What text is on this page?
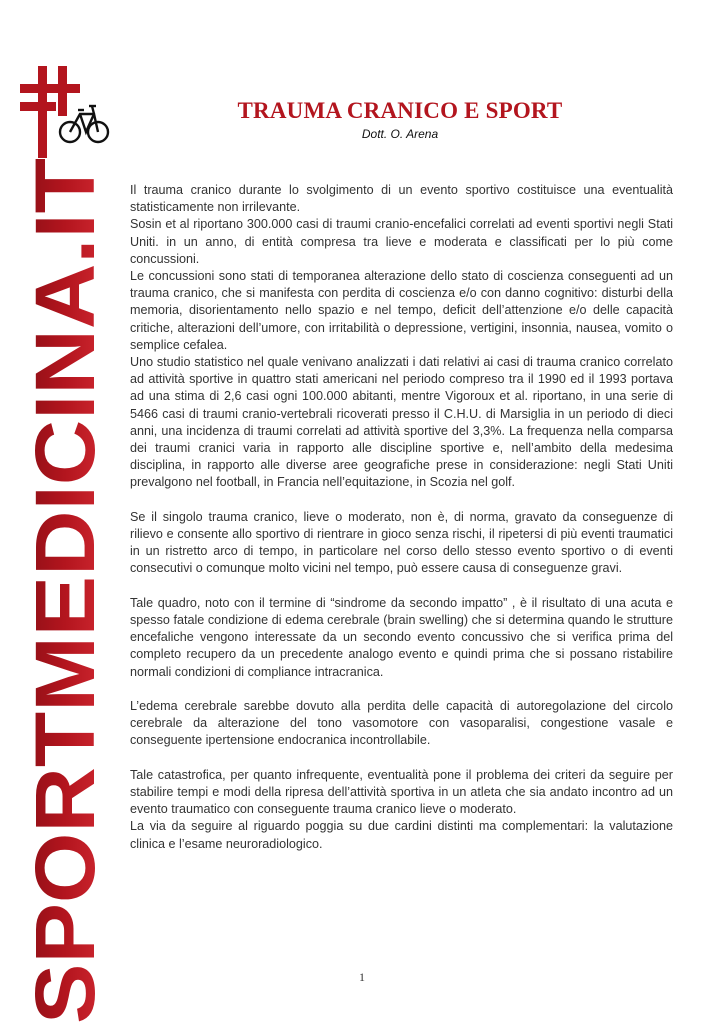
SPORTMEDICINA.IT
TRAUMA CRANICO E SPORT
Dott. O. Arena

Il trauma cranico durante lo svolgimento di un evento sportivo costituisce una eventualità statisticamente non irrilevante.
Sosin et al riportano 300.000 casi di traumi cranio-encefalici correlati ad eventi sportivi negli Stati Uniti. in un anno, di entità compresa tra lieve e moderata e classificati per lo più come concussioni.
Le concussioni sono stati di temporanea alterazione dello stato di coscienza conseguenti ad un trauma cranico, che si manifesta con perdita di coscienza e/o con danno cognitivo: disturbi della memoria, disorientamento nello spazio e nel tempo, deficit dell’attenzione e/o delle capacità critiche, alterazioni dell’umore, con irritabilità o depressione, vertigini, insonnia, nausea, vomito o semplice cefalea.
Uno studio statistico nel quale venivano analizzati i dati relativi ai casi di trauma cranico correlato ad attività sportive in quattro stati americani nel periodo compreso tra il 1990 ed il 1993 portava ad una stima di 2,6 casi ogni 100.000 abitanti, mentre Vigoroux et al. riportano, in una serie di 5466 casi di traumi cranio-vertebrali ricoverati presso il C.H.U. di Marsiglia in un periodo di dieci anni, una incidenza di traumi correlati ad attività sportive del 3,3%. La frequenza nella comparsa dei traumi cranici varia in rapporto alle discipline sportive e, nell’ambito della medesima disciplina, in rapporto alle diverse aree geografiche prese in considerazione: negli Stati Uniti prevalgono nel football, in Francia nell’equitazione, in Scozia nel golf.

Se il singolo trauma cranico, lieve o moderato, non è, di norma, gravato da conseguenze di rilievo e consente allo sportivo di rientrare in gioco senza rischi, il ripetersi di più eventi traumatici in un ristretto arco di tempo, in particolare nel corso dello stesso evento sportivo o di eventi consecutivi o comunque molto vicini nel tempo, può essere causa di conseguenze gravi.

Tale quadro, noto con il termine di “sindrome da secondo impatto” , è il risultato di una acuta e spesso fatale condizione di edema cerebrale (brain swelling) che si determina quando le strutture encefaliche vengono interessate da un secondo evento concussivo che si verifica prima del completo recupero da un precedente analogo evento e quindi prima che si possano ristabilire normali condizioni di compliance intracranica.

L’edema cerebrale sarebbe dovuto alla perdita delle capacità di autoregolazione del circolo cerebrale da alterazione del tono vasomotore con vasoparalisi, congestione vasale e conseguente ipertensione endocranica incontrollabile.

Tale catastrofica, per quanto infrequente, eventualità pone il problema dei criteri da seguire per stabilire tempi e modi della ripresa dell’attività sportiva in un atleta che sia andato incontro ad un evento traumatico con conseguente trauma cranico lieve o moderato.
La via da seguire al riguardo poggia su due cardini distinti ma complementari: la valutazione clinica e l’esame neuroradiologico.

1
